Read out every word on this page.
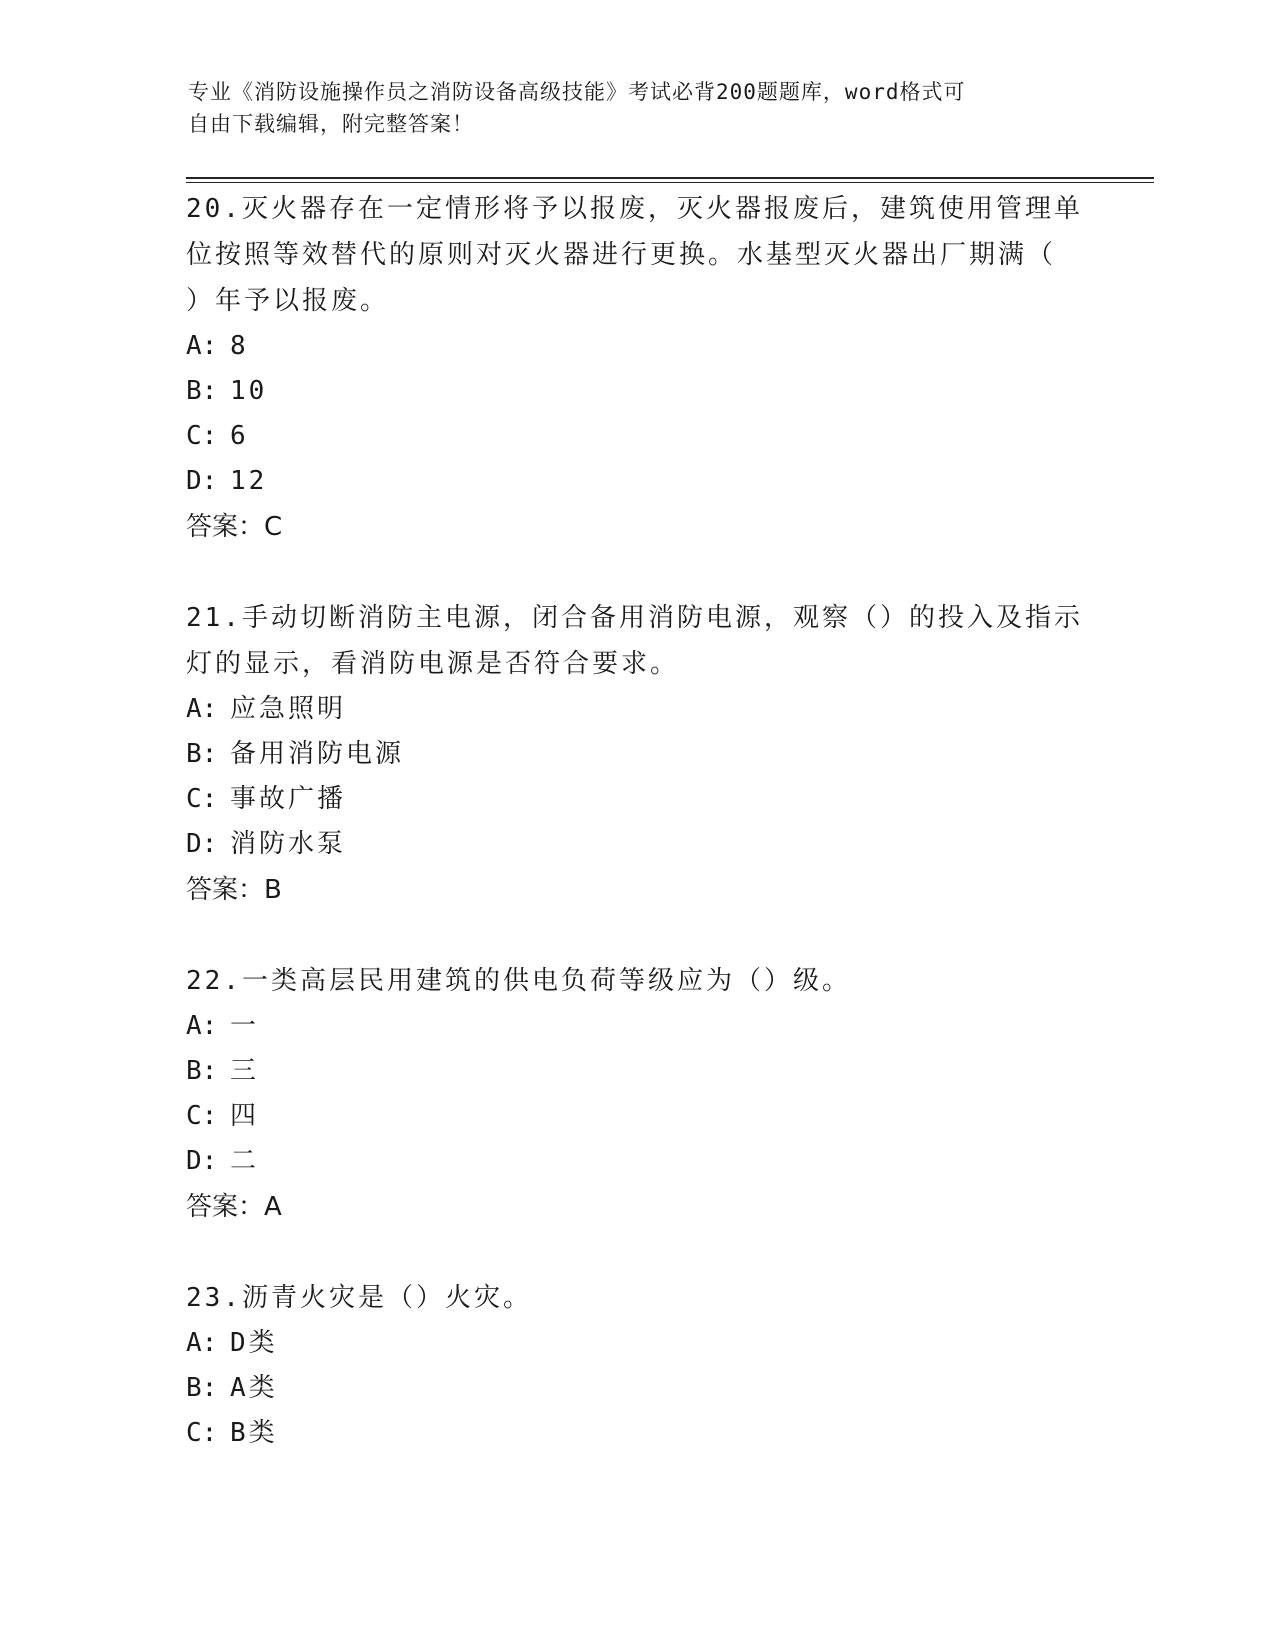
专业《消防设施操作员之消防设备高级技能》考试必背200题题库，word格式可
自由下载编辑，附完整答案！
20.灭火器存在一定情形将予以报废，灭火器报废后，建筑使用管理单
位按照等效替代的原则对灭火器进行更换。水基型灭火器出厂期满（
）年予以报废。
A: 8
B: 10
C: 6
D: 12
答案：C
21.手动切断消防主电源，闭合备用消防电源，观察（）的投入及指示
灯的显示，看消防电源是否符合要求。
A: 应急照明
B: 备用消防电源
C: 事故广播
D: 消防水泵
答案：B
22.一类高层民用建筑的供电负荷等级应为（）级。
A: 一
B: 三
C: 四
D: 二
答案：A
23.沥青火灾是（）火灾。
A: D类
B: A类
C: B类
